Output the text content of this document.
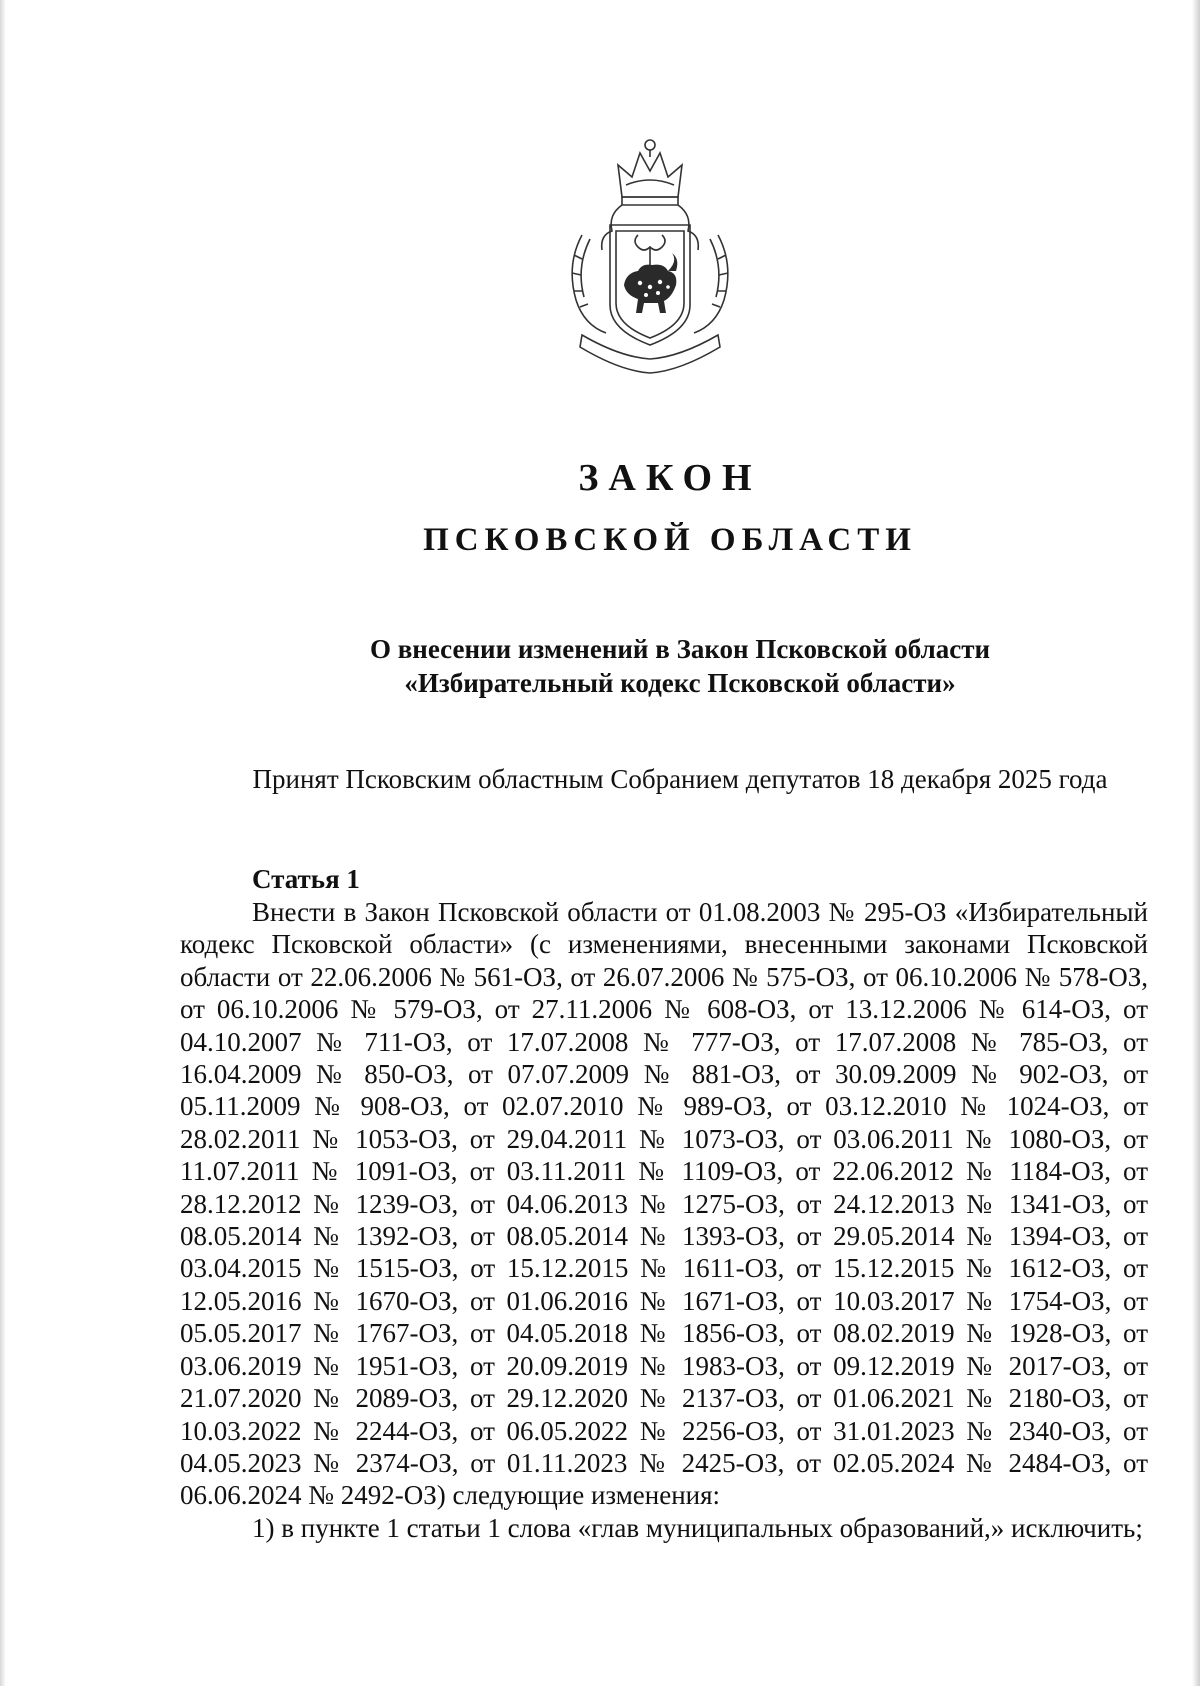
ЗАКОН
ПСКОВСКОЙ ОБЛАСТИ
О внесении изменений в Закон Псковской области
«Избирательный кодекс Псковской области»
Принят Псковским областным Собранием депутатов 18 декабря 2025 года
Статья 1

Внести в Закон Псковской области от 01.08.2003 № 295-ОЗ «Избирательный кодекс Псковской области» (с изменениями, внесенными законами Псковской области от 22.06.2006 № 561-ОЗ, от 26.07.2006 № 575-ОЗ, от 06.10.2006 № 578-ОЗ, от 06.10.2006 № 579-ОЗ, от 27.11.2006 № 608-ОЗ, от 13.12.2006 № 614-ОЗ, от 04.10.2007 № 711-ОЗ, от 17.07.2008 № 777-ОЗ, от 17.07.2008 № 785-ОЗ, от 16.04.2009 № 850-ОЗ, от 07.07.2009 № 881-ОЗ, от 30.09.2009 № 902-ОЗ, от 05.11.2009 № 908-ОЗ, от 02.07.2010 № 989-ОЗ, от 03.12.2010 № 1024-ОЗ, от 28.02.2011 № 1053-ОЗ, от 29.04.2011 № 1073-ОЗ, от 03.06.2011 № 1080-ОЗ, от 11.07.2011 № 1091-ОЗ, от 03.11.2011 № 1109-ОЗ, от 22.06.2012 № 1184-ОЗ, от 28.12.2012 № 1239-ОЗ, от 04.06.2013 № 1275-ОЗ, от 24.12.2013 № 1341-ОЗ, от 08.05.2014 № 1392-ОЗ, от 08.05.2014 № 1393-ОЗ, от 29.05.2014 № 1394-ОЗ, от 03.04.2015 № 1515-ОЗ, от 15.12.2015 № 1611-ОЗ, от 15.12.2015 № 1612-ОЗ, от 12.05.2016 № 1670-ОЗ, от 01.06.2016 № 1671-ОЗ, от 10.03.2017 № 1754-ОЗ, от 05.05.2017 № 1767-ОЗ, от 04.05.2018 № 1856-ОЗ, от 08.02.2019 № 1928-ОЗ, от 03.06.2019 № 1951-ОЗ, от 20.09.2019 № 1983-ОЗ, от 09.12.2019 № 2017-ОЗ, от 21.07.2020 № 2089-ОЗ, от 29.12.2020 № 2137-ОЗ, от 01.06.2021 № 2180-ОЗ, от 10.03.2022 № 2244-ОЗ, от 06.05.2022 № 2256-ОЗ, от 31.01.2023 № 2340-ОЗ, от 04.05.2023 № 2374-ОЗ, от 01.11.2023 № 2425-ОЗ, от 02.05.2024 № 2484-ОЗ, от 06.06.2024 № 2492-ОЗ) следующие изменения:

1) в пункте 1 статьи 1 слова «глав муниципальных образований,» исключить;
